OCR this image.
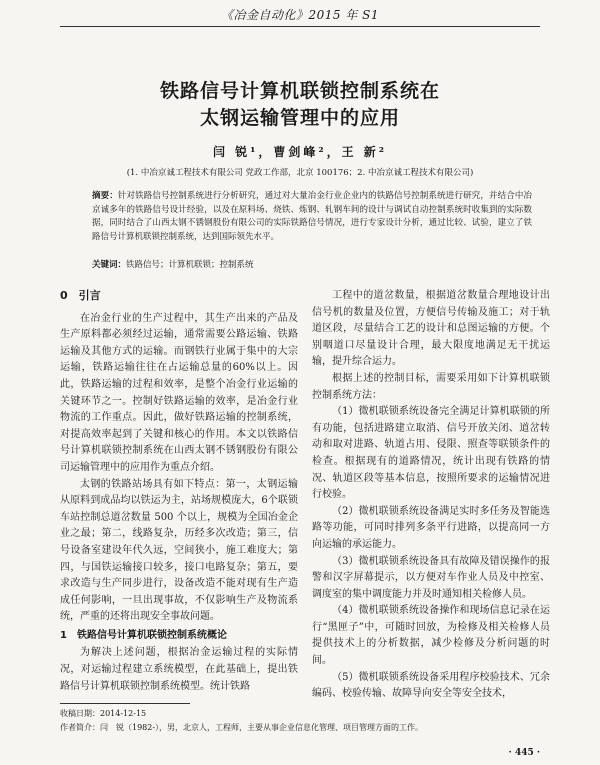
《冶金自动化》2015 年 S1
铁路信号计算机联锁控制系统在
太钢运输管理中的应用
闫 锐¹，曹剑峰²，王 新²
(1. 中冶京诚工程技术有限公司 党政工作部，北京 100176；2. 中冶京诚工程技术有限公司)
摘要：针对铁路信号控制系统进行分析研究，通过对大量冶金行业企业内的铁路信号控制系统进行研究，并结合中冶京诚多年的铁路信号设计经验，以及在原料场、烧铁、炼钢、轧钢车间的设计与调试自动控制系统时收集到的实际数据，同时结合了山西太钢不锈钢股份有限公司的实际铁路信号情况，进行专家设计分析，通过比较、试验，建立了铁路信号计算机联锁控制系统，达到国际领先水平。
关键词：铁路信号；计算机联锁；控制系统
0　引言

在冶金行业的生产过程中，其生产出来的产品及生产原料都必须经过运输，通常需要公路运输、铁路运输及其他方式的运输。而钢铁行业属于集中的大宗运输，铁路运输往往在占运输总量的60%以上。因此，铁路运输的过程和效率，是整个冶金行业运输的关键环节之一。控制好铁路运输的效率，是冶金行业物流的工作重点。因此，做好铁路运输的控制系统，对提高效率起到了关键和核心的作用。本文以铁路信号计算机联锁控制系统在山西太钢不锈钢股份有限公司运输管理中的应用作为重点介绍。

太钢的铁路站场具有如下特点：第一，太钢运输从原料到成品均以铁运为主，站场规模庞大，6个联锁车站控制总道岔数量 500 个以上，规模为全国冶金企业之最；第二，线路复杂，历经多次改造；第三，信号设备室建设年代久远，空间狭小，施工难度大；第四，与国铁运输接口较多，接口电路复杂；第五，要求改造与生产同步进行，设备改造不能对现有生产造成任何影响，一旦出现事故，不仅影响生产及物流系统，严重的还将出现安全事故问题。

1　铁路信号计算机联锁控制系统概论

为解决上述问题，根据冶金运输过程的实际情况，对运输过程建立系统模型，在此基础上，提出铁路信号计算机联锁控制系统模型。统计铁路

工程中的道岔数量，根据道岔数量合理地设计出信号机的数量及位置，方便信号传输及施工；对于轨道区段，尽量结合工艺的设计和总图运输的方便。个别咽道口尽量设计合理，最大限度地满足无干扰运输，提升综合运力。

根据上述的控制目标，需要采用如下计算机联锁控制系统方法：

（1）微机联锁系统设备完全满足计算机联锁的所有功能，包括进路建立取消、信号开放关闭、道岔转动和取对进路、轨道占用、侵限、照查等联锁条件的检查。根据现有的道路情况，统计出现有铁路的情况、轨道区段等基本信息，按照所要求的运输情况进行校验。

（2）微机联锁系统设备满足实时多任务及智能选路等功能，可同时排列多条平行进路，以提高同一方向运输的承运能力。

（3）微机联锁系统设备具有故障及错误操作的报警和汉字屏幕提示，以方便对车作业人员及中控室、调度室的集中调度能力并及时通知相关检修人员。

（4）微机联锁系统设备操作和现场信息记录在运行“黑匣子”中，可随时回放，为检修及相关检修人员提供技术上的分析数据，减少检修及分析问题的时间。

（5）微机联锁系统设备采用程序校验技术、冗余编码、校验传输、故障导向安全等安全技术，

收稿日期：2014-12-15
作者简介：闫　锐（1982-），男，北京人，工程师，主要从事企业信息化管理、项目管理方面的工作。
· 445 ·
